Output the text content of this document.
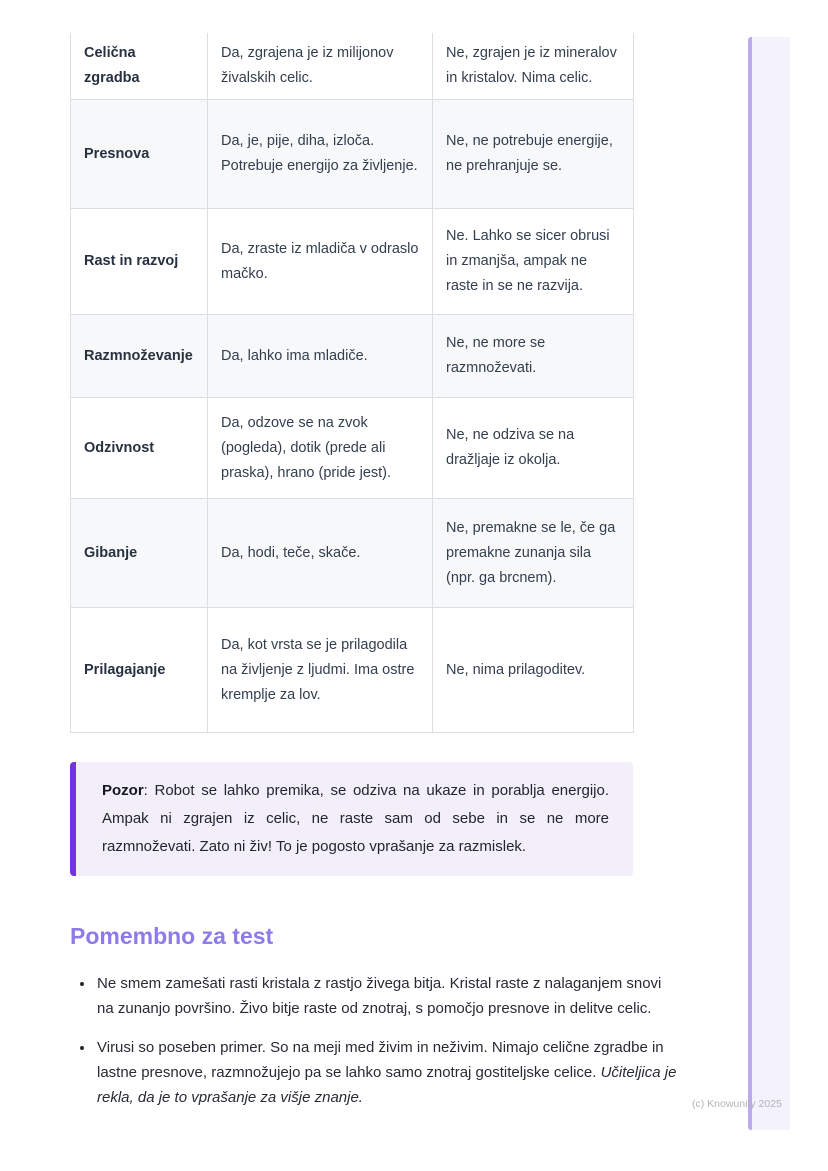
Celična zgradba	Da, zgrajena je iz milijonov živalskih celic.	Ne, zgrajen je iz mineralov in kristalov. Nima celic.
Presnova	Da, je, pije, diha, izloča. Potrebuje energijo za življenje.	Ne, ne potrebuje energije, ne prehranjuje se.
Rast in razvoj	Da, zraste iz mladiča v odraslo mačko.	Ne. Lahko se sicer obrusi in zmanjša, ampak ne raste in se ne razvija.
Razmnoževanje	Da, lahko ima mladiče.	Ne, ne more se razmnoževati.
Odzivnost	Da, odzove se na zvok (pogleda), dotik (prede ali praska), hrano (pride jest).	Ne, ne odziva se na dražljaje iz okolja.
Gibanje	Da, hodi, teče, skače.	Ne, premakne se le, če ga premakne zunanja sila (npr. ga brcnem).
Prilagajanje	Da, kot vrsta se je prilagodila na življenje z ljudmi. Ima ostre kremplje za lov.	Ne, nima prilagoditev.
Pozor: Robot se lahko premika, se odziva na ukaze in porablja energijo. Ampak ni zgrajen iz celic, ne raste sam od sebe in se ne more razmnoževati. Zato ni živ! To je pogosto vprašanje za razmislek.
Pomembno za test
• Ne smem zamešati rasti kristala z rastjo živega bitja. Kristal raste z nalaganjem snovi na zunanjo površino. Živo bitje raste od znotraj, s pomočjo presnove in delitve celic.
• Virusi so poseben primer. So na meji med živim in neživim. Nimajo celične zgradbe in lastne presnove, razmnožujejo pa se lahko samo znotraj gostiteljske celice. Učiteljica je rekla, da je to vprašanje za višje znanje.	(c) Knowunity 2025
